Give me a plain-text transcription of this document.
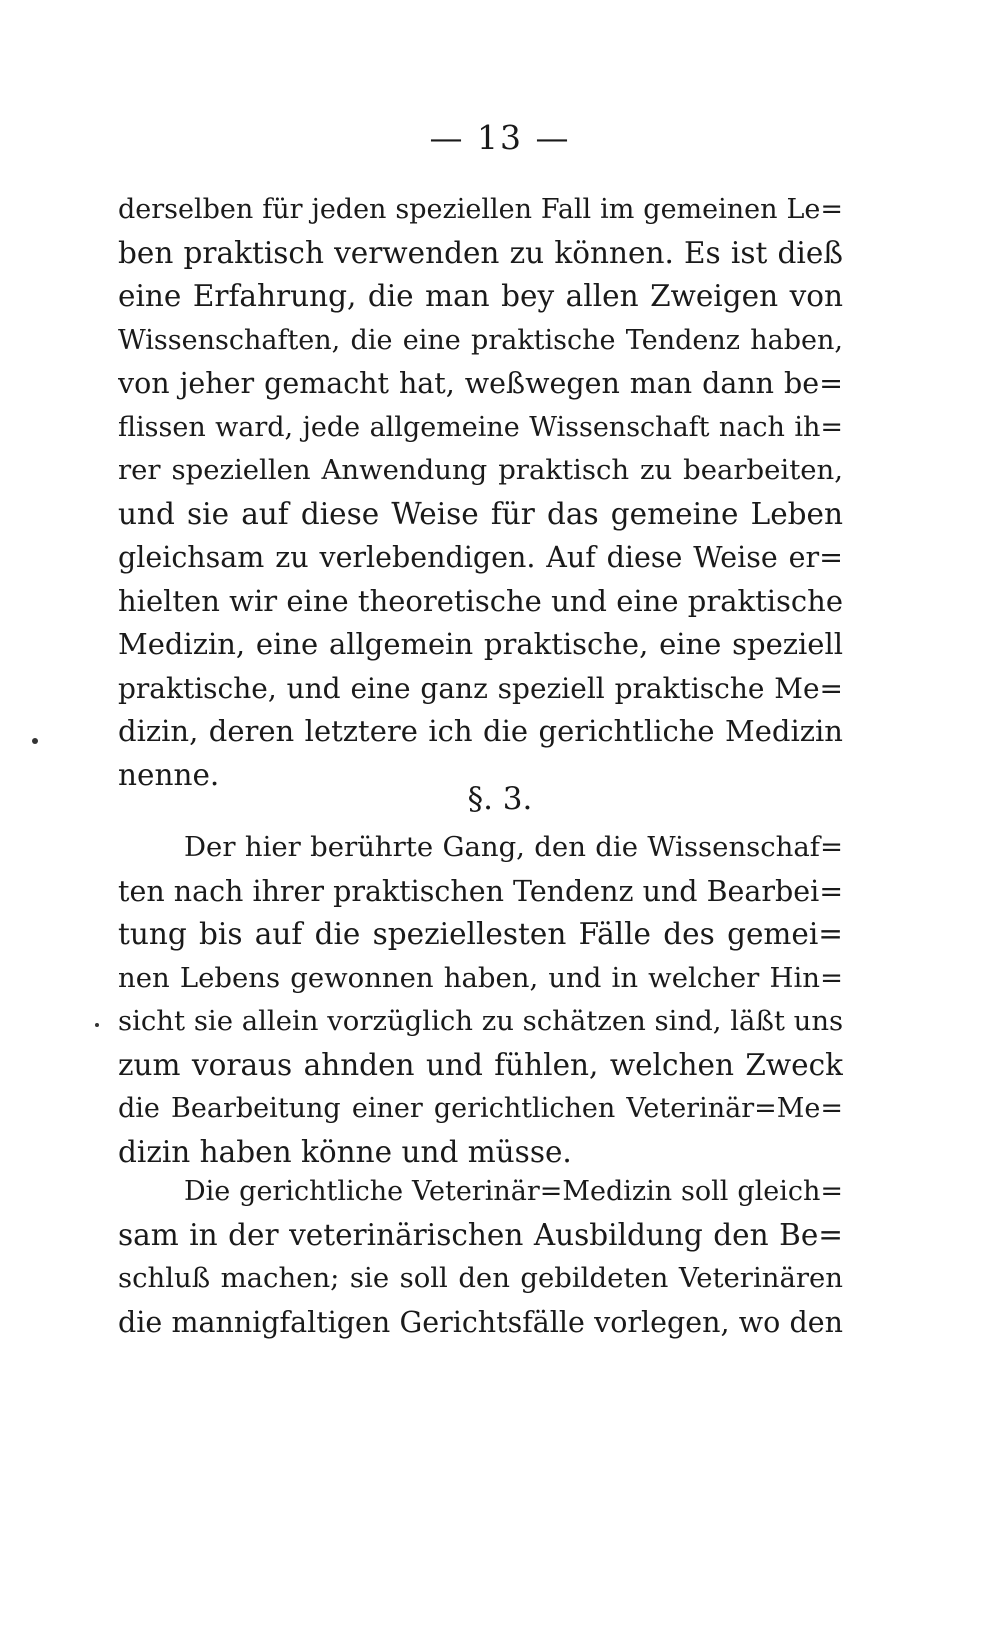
— 13 —
derselben für jeden speziellen Fall im gemeinen Le=
ben praktisch verwenden zu können. Es ist dieß
eine Erfahrung, die man bey allen Zweigen von
Wissenschaften, die eine praktische Tendenz haben,
von jeher gemacht hat, weßwegen man dann be=
flissen ward, jede allgemeine Wissenschaft nach ih=
rer speziellen Anwendung praktisch zu bearbeiten,
und sie auf diese Weise für das gemeine Leben
gleichsam zu verlebendigen. Auf diese Weise er=
hielten wir eine theoretische und eine praktische
Medizin, eine allgemein praktische, eine speziell
praktische, und eine ganz speziell praktische Me=
dizin, deren letztere ich die gerichtliche Medizin
nenne.
§. 3.
Der hier berührte Gang, den die Wissenschaf=
ten nach ihrer praktischen Tendenz und Bearbei=
tung bis auf die speziellesten Fälle des gemei=
nen Lebens gewonnen haben, und in welcher Hin=
sicht sie allein vorzüglich zu schätzen sind, läßt uns
zum voraus ahnden und fühlen, welchen Zweck
die Bearbeitung einer gerichtlichen Veterinär=Me=
dizin haben könne und müsse.
Die gerichtliche Veterinär=Medizin soll gleich=
sam in der veterinärischen Ausbildung den Be=
schluß machen; sie soll den gebildeten Veterinären
die mannigfaltigen Gerichtsfälle vorlegen, wo den
